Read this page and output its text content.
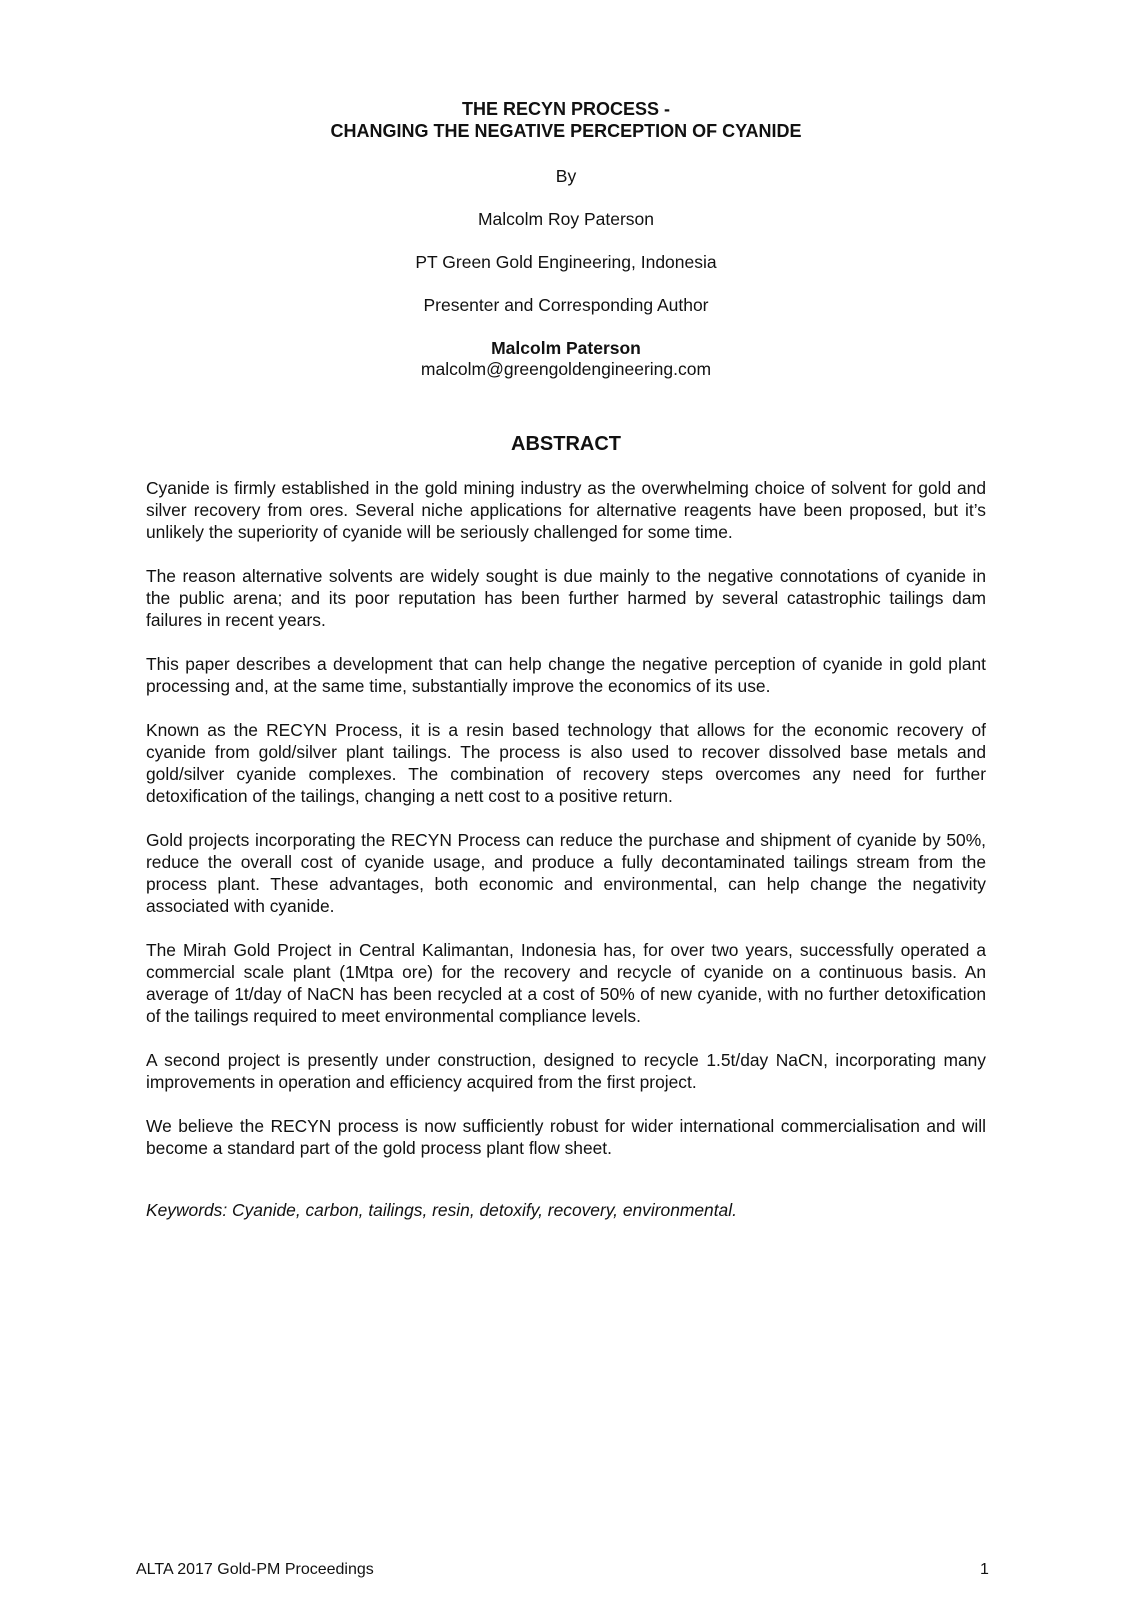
THE RECYN PROCESS -
CHANGING THE NEGATIVE PERCEPTION OF CYANIDE
By
Malcolm Roy Paterson
PT Green Gold Engineering, Indonesia
Presenter and Corresponding Author
Malcolm Paterson
malcolm@greengoldengineering.com
ABSTRACT

Cyanide is firmly established in the gold mining industry as the overwhelming choice of solvent for gold and silver recovery from ores. Several niche applications for alternative reagents have been proposed, but it’s unlikely the superiority of cyanide will be seriously challenged for some time.

The reason alternative solvents are widely sought is due mainly to the negative connotations of cyanide in the public arena; and its poor reputation has been further harmed by several catastrophic tailings dam failures in recent years.

This paper describes a development that can help change the negative perception of cyanide in gold plant processing and, at the same time, substantially improve the economics of its use.

Known as the RECYN Process, it is a resin based technology that allows for the economic recovery of cyanide from gold/silver plant tailings. The process is also used to recover dissolved base metals and gold/silver cyanide complexes. The combination of recovery steps overcomes any need for further detoxification of the tailings, changing a nett cost to a positive return.

Gold projects incorporating the RECYN Process can reduce the purchase and shipment of cyanide by 50%, reduce the overall cost of cyanide usage, and produce a fully decontaminated tailings stream from the process plant. These advantages, both economic and environmental, can help change the negativity associated with cyanide.

The Mirah Gold Project in Central Kalimantan, Indonesia has, for over two years, successfully operated a commercial scale plant (1Mtpa ore) for the recovery and recycle of cyanide on a continuous basis. An average of 1t/day of NaCN has been recycled at a cost of 50% of new cyanide, with no further detoxification of the tailings required to meet environmental compliance levels.

A second project is presently under construction, designed to recycle 1.5t/day NaCN, incorporating many improvements in operation and efficiency acquired from the first project.

We believe the RECYN process is now sufficiently robust for wider international commercialisation and will become a standard part of the gold process plant flow sheet.

Keywords: Cyanide, carbon, tailings, resin, detoxify, recovery, environmental.
ALTA 2017 Gold-PM Proceedings	1
